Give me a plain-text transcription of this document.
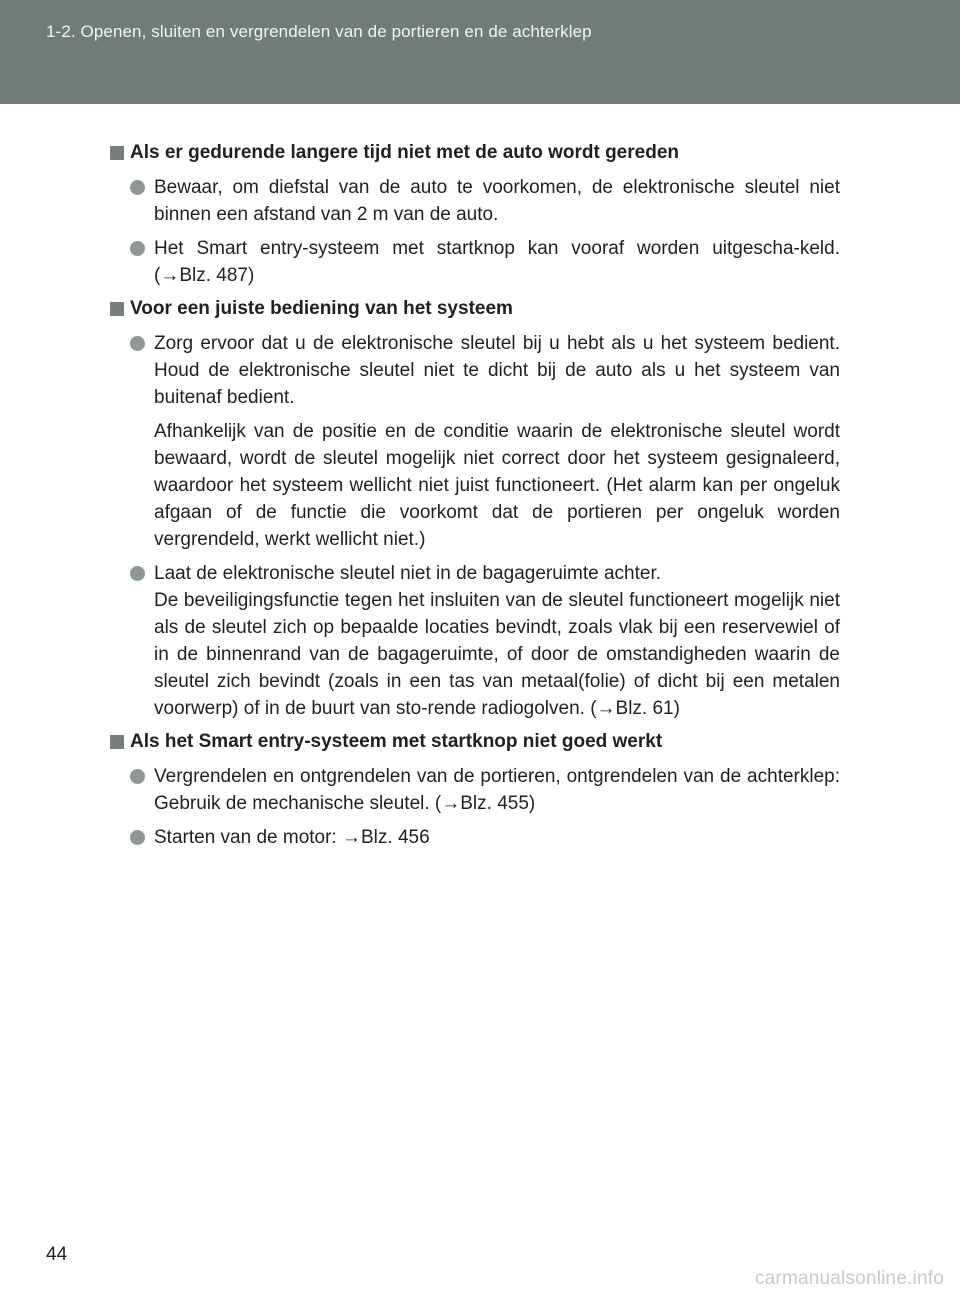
1-2. Openen, sluiten en vergrendelen van de portieren en de achterklep
Als er gedurende langere tijd niet met de auto wordt gereden

Bewaar, om diefstal van de auto te voorkomen, de elektronische sleutel niet binnen een afstand van 2 m van de auto.

Het Smart entry-systeem met startknop kan vooraf worden uitgescha-keld. (→Blz. 487)

Voor een juiste bediening van het systeem

Zorg ervoor dat u de elektronische sleutel bij u hebt als u het systeem bedient. Houd de elektronische sleutel niet te dicht bij de auto als u het systeem van buitenaf bedient.

Afhankelijk van de positie en de conditie waarin de elektronische sleutel wordt bewaard, wordt de sleutel mogelijk niet correct door het systeem gesignaleerd, waardoor het systeem wellicht niet juist functioneert. (Het alarm kan per ongeluk afgaan of de functie die voorkomt dat de portieren per ongeluk worden vergrendeld, werkt wellicht niet.)

Laat de elektronische sleutel niet in de bagageruimte achter.
De beveiligingsfunctie tegen het insluiten van de sleutel functioneert mogelijk niet als de sleutel zich op bepaalde locaties bevindt, zoals vlak bij een reservewiel of in de binnenrand van de bagageruimte, of door de omstandigheden waarin de sleutel zich bevindt (zoals in een tas van metaal(folie) of dicht bij een metalen voorwerp) of in de buurt van sto-rende radiogolven. (→Blz. 61)

Als het Smart entry-systeem met startknop niet goed werkt

Vergrendelen en ontgrendelen van de portieren, ontgrendelen van de achterklep: Gebruik de mechanische sleutel. (→Blz. 455)

Starten van de motor: →Blz. 456

44
carmanualsonline.info
